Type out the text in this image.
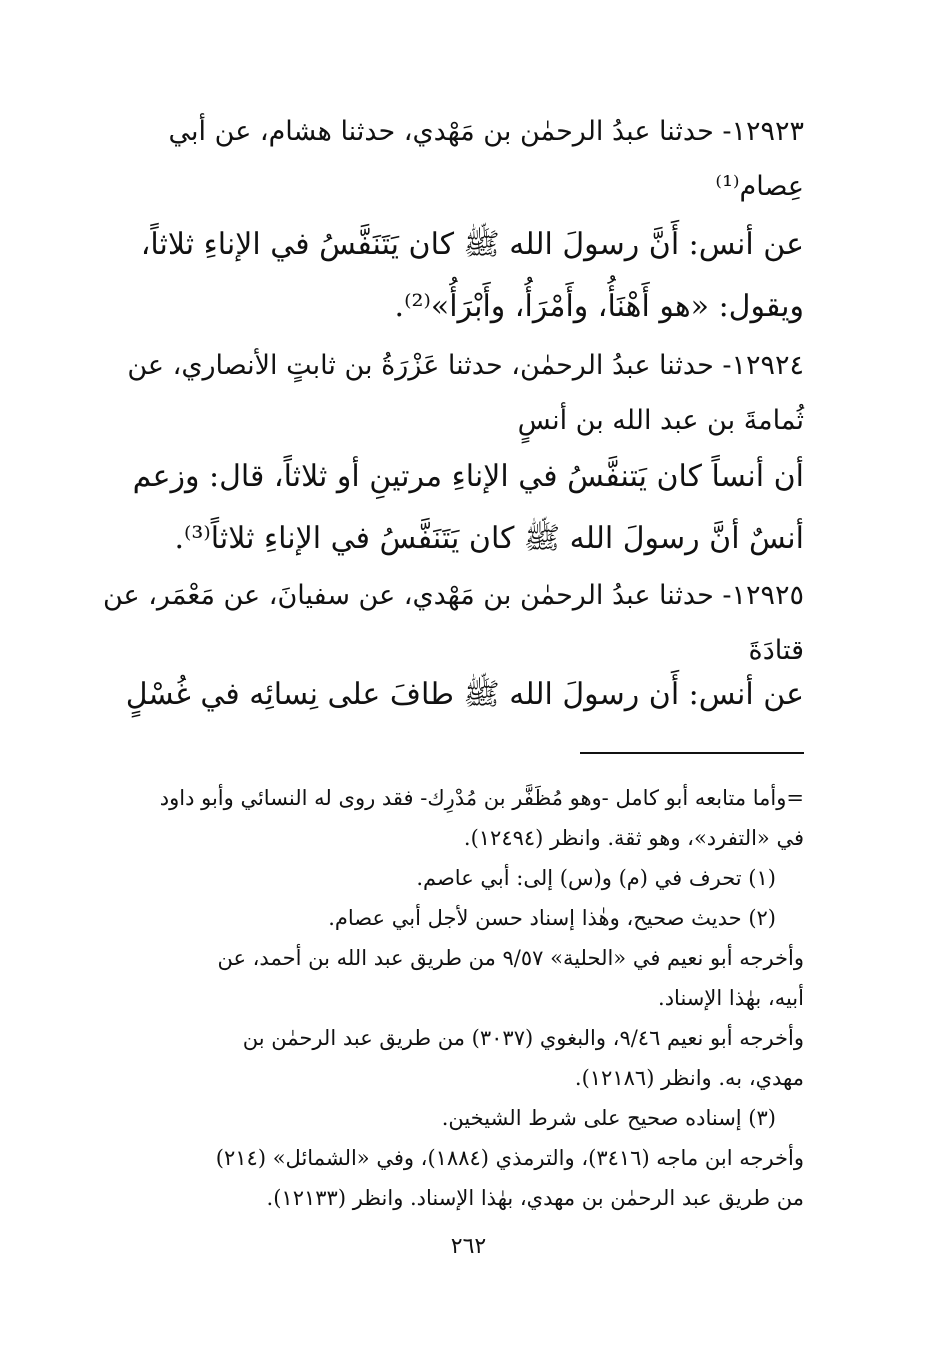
١٢٩٢٣- حدثنا عبدُ الرحمٰن بن مَهْدي، حدثنا هشام، عن أبي
عِصام⁽¹⁾
عن أنس: أَنَّ رسولَ الله ﷺ كان يَتَنَفَّسُ في الإناءِ ثلاثاً،
ويقول: «هو أَهْنَأُ، وأَمْرَأُ، وأَبْرَأُ»⁽²⁾.
١٢٩٢٤- حدثنا عبدُ الرحمٰن، حدثنا عَزْرَةُ بن ثابتٍ الأنصاري، عن
ثُمامةَ بن عبد الله بن أنسٍ
أن أنساً كان يَتنفَّسُ في الإناءِ مرتينِ أو ثلاثاً، قال: وزعم
أنسٌ أنَّ رسولَ الله ﷺ كان يَتَنَفَّسُ في الإناءِ ثلاثاً⁽³⁾.
١٢٩٢٥- حدثنا عبدُ الرحمٰن بن مَهْدي، عن سفيانَ، عن مَعْمَر، عن
قتادَةَ
عن أنس: أَن رسولَ الله ﷺ طافَ على نِسائِه في غُسْلٍ
=وأما متابعه أبو كامل -وهو مُظَفَّر بن مُدْرِك- فقد روى له النسائي وأبو داود
في «التفرد»، وهو ثقة. وانظر (١٢٤٩٤).
(١) تحرف في (م) و(س) إلى: أبي عاصم.
(٢) حديث صحيح، وهٰذا إسناد حسن لأجل أبي عصام.
وأخرجه أبو نعيم في «الحلية» ٩/٥٧ من طريق عبد الله بن أحمد، عن
أبيه، بهٰذا الإسناد.
وأخرجه أبو نعيم ٩/٤٦، والبغوي (٣٠٣٧) من طريق عبد الرحمٰن بن
مهدي، به. وانظر (١٢١٨٦).
(٣) إسناده صحيح على شرط الشيخين.
وأخرجه ابن ماجه (٣٤١٦)، والترمذي (١٨٨٤)، وفي «الشمائل» (٢١٤)
من طريق عبد الرحمٰن بن مهدي، بهٰذا الإسناد. وانظر (١٢١٣٣).
٢٦٢
